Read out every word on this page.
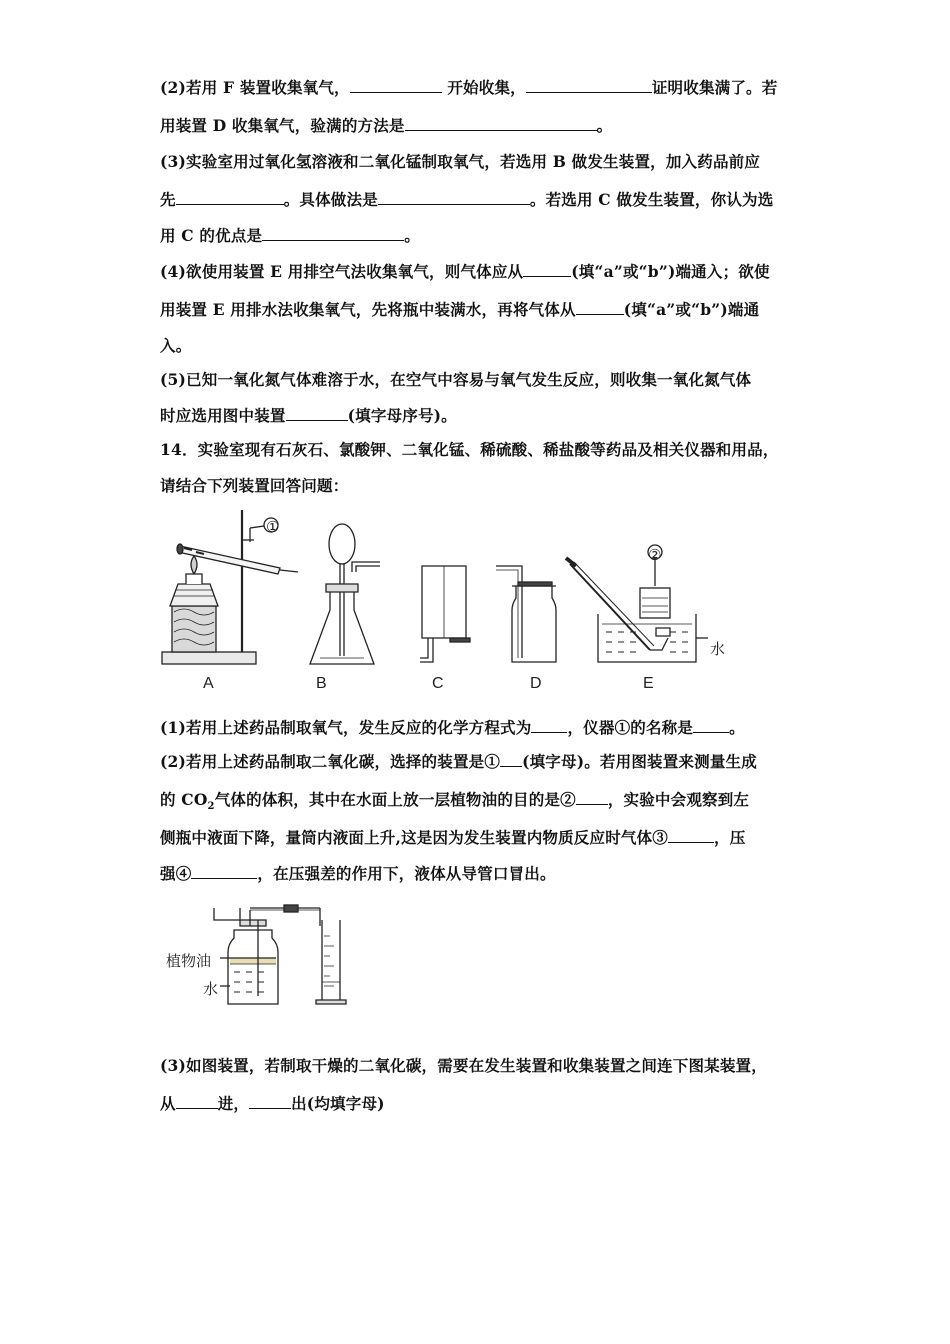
(2)若用 F 装置收集氧气，	开始收集，	证明收集满了。若
用装置 D 收集氧气，验满的方法是	。
(3)实验室用过氧化氢溶液和二氧化锰制取氧气，若选用 B 做发生装置，加入药品前应
先	。具体做法是	。若选用 C 做发生装置，你认为选
用 C 的优点是	。
(4)欲使用装置 E 用排空气法收集氧气，则气体应从	(填“a”或“b”)端通入；欲使
用装置 E 用排水法收集氧气，先将瓶中装满水，再将气体从	(填“a”或“b”)端通
入。
(5)已知一氧化氮气体难溶于水，在空气中容易与氧气发生反应，则收集一氧化氮气体
时应选用图中装置	(填字母序号)。
14．实验室现有石灰石、氯酸钾、二氧化锰、稀硫酸、稀盐酸等药品及相关仪器和用品，
请结合下列装置回答问题：
①
②
水
A	B	C	D	E
(1)若用上述药品制取氧气，发生反应的化学方程式为 ，仪器①的名称是 。
(2)若用上述药品制取二氧化碳，选择的装置是① (填字母)。若用图装置来测量生成
的 $CO_2$气体的体积，其中在水面上放一层植物油的目的是② ，实验中会观察到左
侧瓶中液面下降，量筒内液面上升,这是因为发生装置内物质反应时气体③	，压
强④	，在压强差的作用下，液体从导管口冒出。
植物油
水
(3)如图装置，若制取干燥的二氧化碳，需要在发生装置和收集装置之间连下图某装置，
从	进，	出(均填字母)
